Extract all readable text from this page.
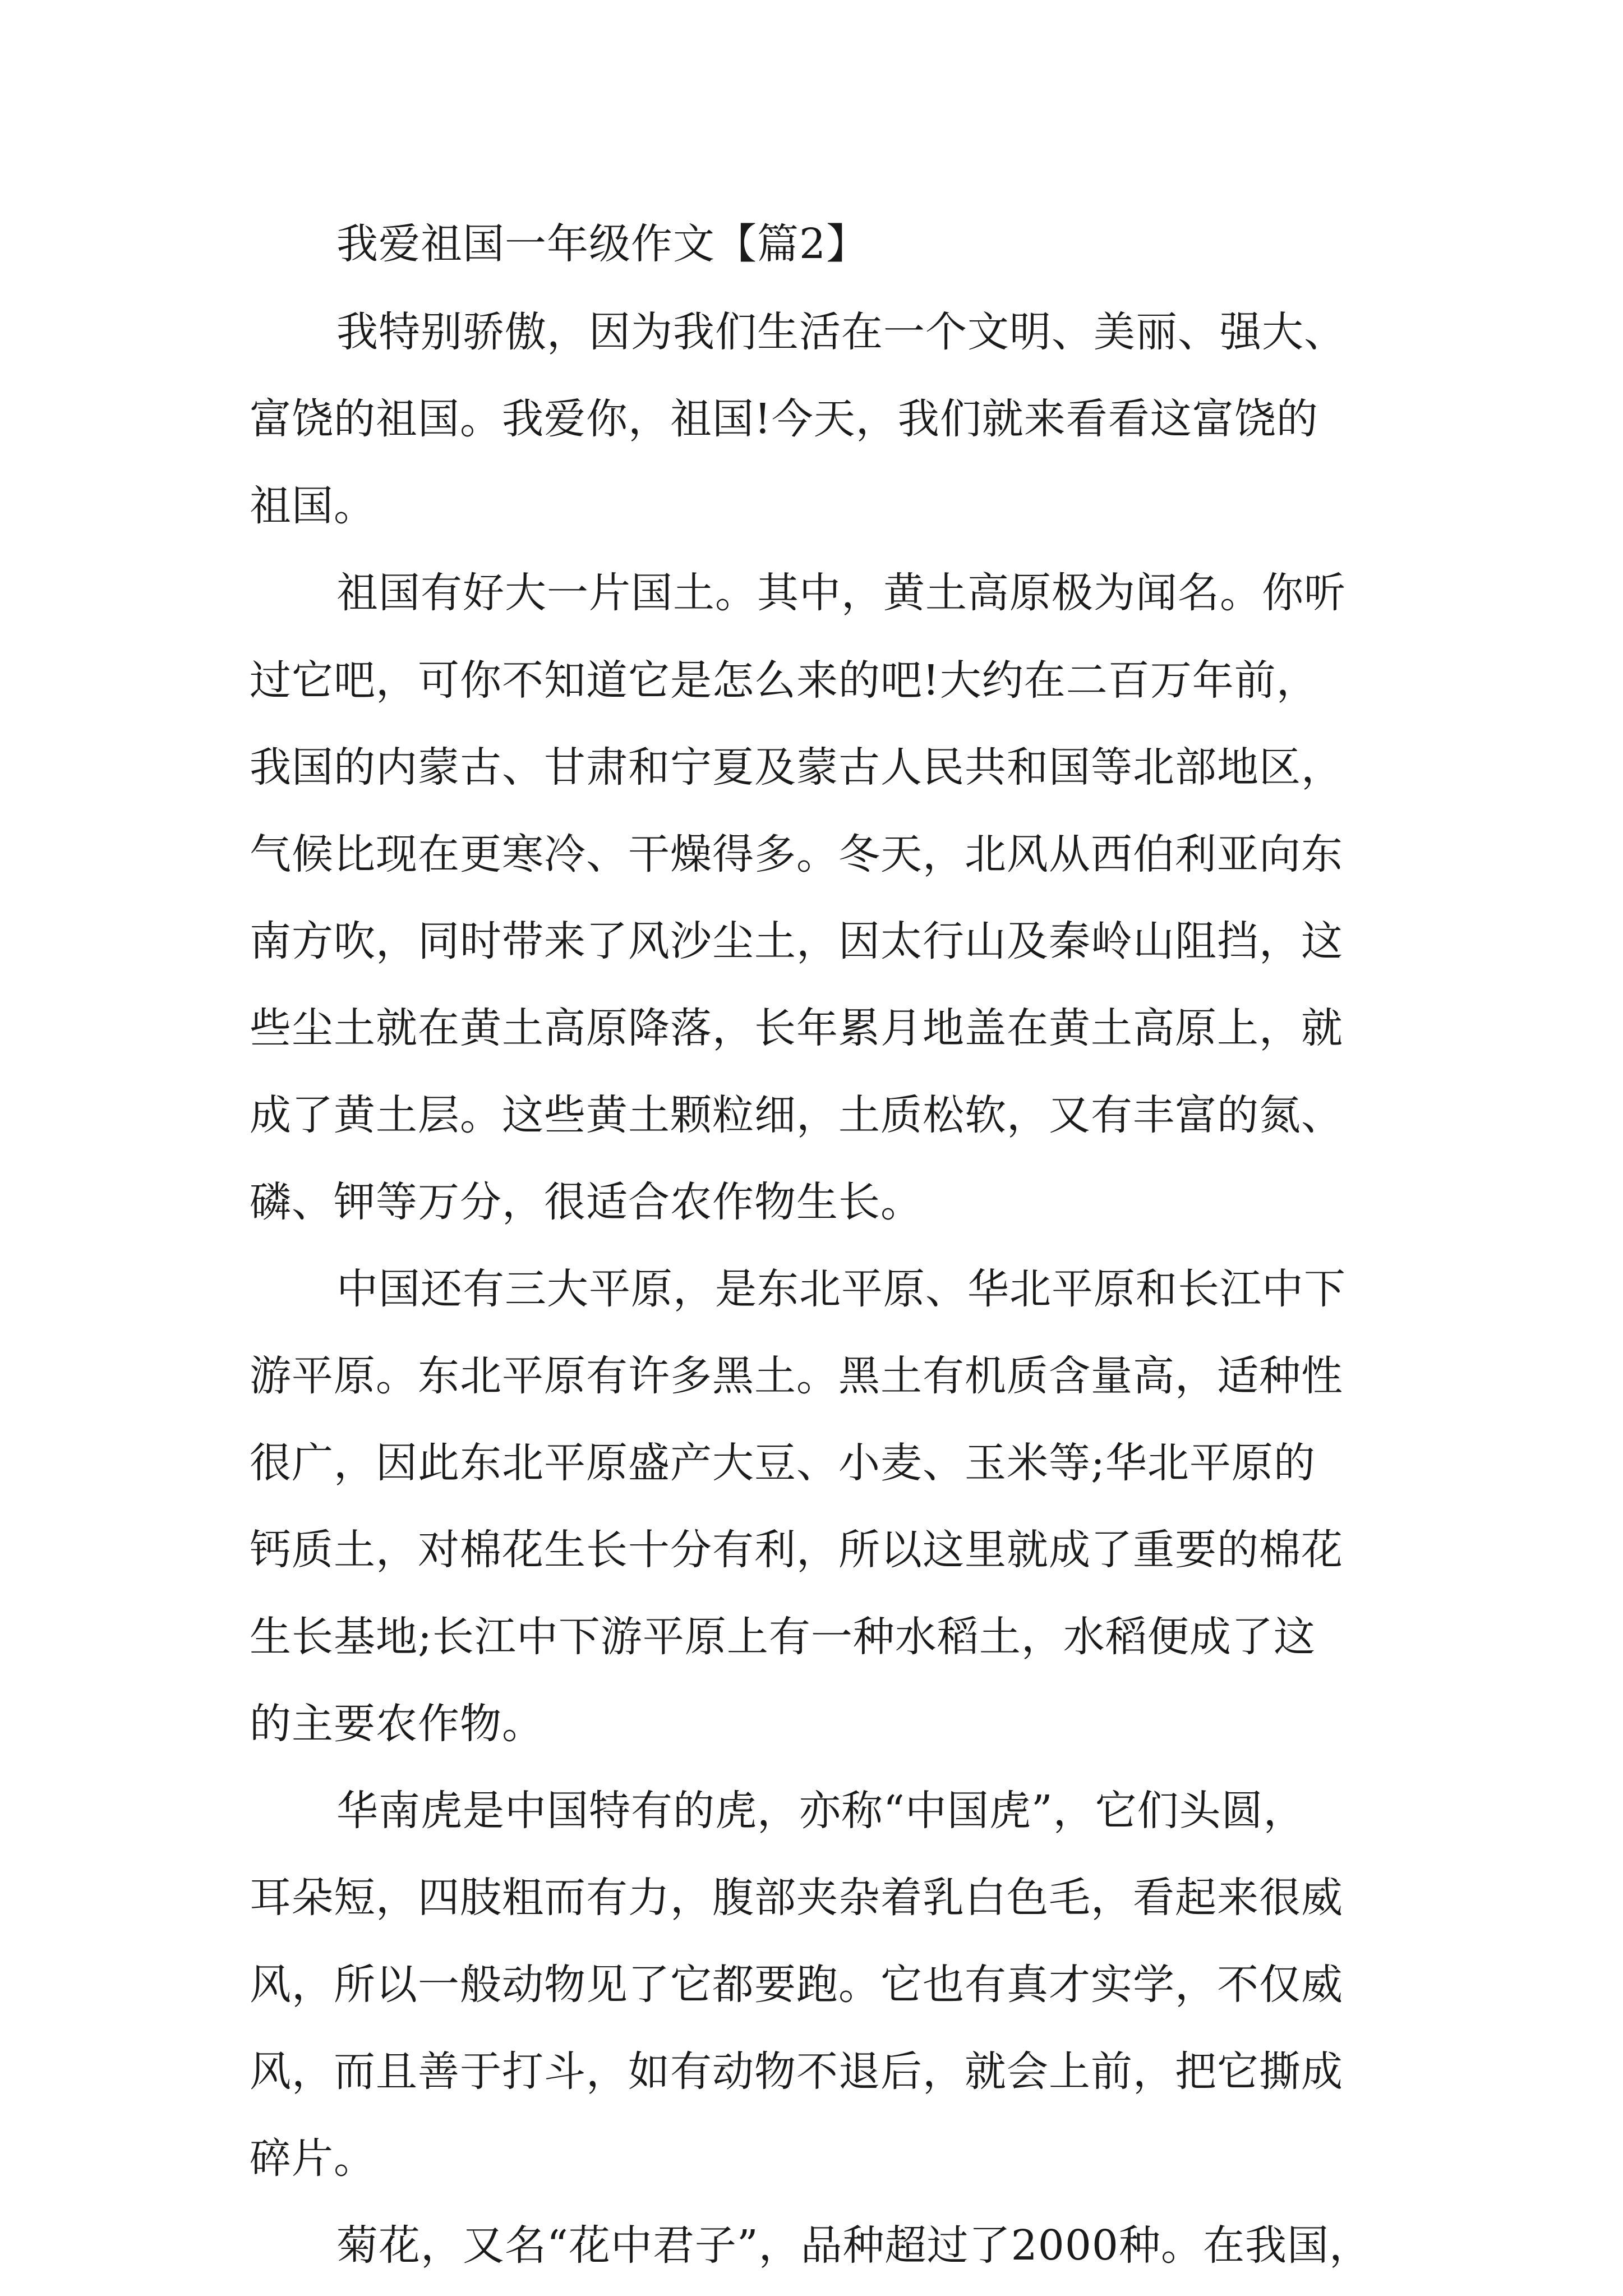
我爱祖国一年级作文【篇2】
我特别骄傲，因为我们生活在一个文明、美丽、强大、
富饶的祖国。我爱你，祖国!今天，我们就来看看这富饶的
祖国。
祖国有好大一片国土。其中，黄土高原极为闻名。你听
过它吧，可你不知道它是怎么来的吧!大约在二百万年前，
我国的内蒙古、甘肃和宁夏及蒙古人民共和国等北部地区，
气候比现在更寒冷、干燥得多。冬天，北风从西伯利亚向东
南方吹，同时带来了风沙尘土，因太行山及秦岭山阻挡，这
些尘土就在黄土高原降落，长年累月地盖在黄土高原上，就
成了黄土层。这些黄土颗粒细，土质松软，又有丰富的氮、
磷、钾等万分，很适合农作物生长。
中国还有三大平原，是东北平原、华北平原和长江中下
游平原。东北平原有许多黑土。黑土有机质含量高，适种性
很广，因此东北平原盛产大豆、小麦、玉米等;华北平原的
钙质土，对棉花生长十分有利，所以这里就成了重要的棉花
生长基地;长江中下游平原上有一种水稻土，水稻便成了这
的主要农作物。
华南虎是中国特有的虎，亦称“中国虎”，它们头圆，
耳朵短，四肢粗而有力，腹部夹杂着乳白色毛，看起来很威
风，所以一般动物见了它都要跑。它也有真才实学，不仅威
风，而且善于打斗，如有动物不退后，就会上前，把它撕成
碎片。
菊花，又名“花中君子”，品种超过了2000种。在我国，
